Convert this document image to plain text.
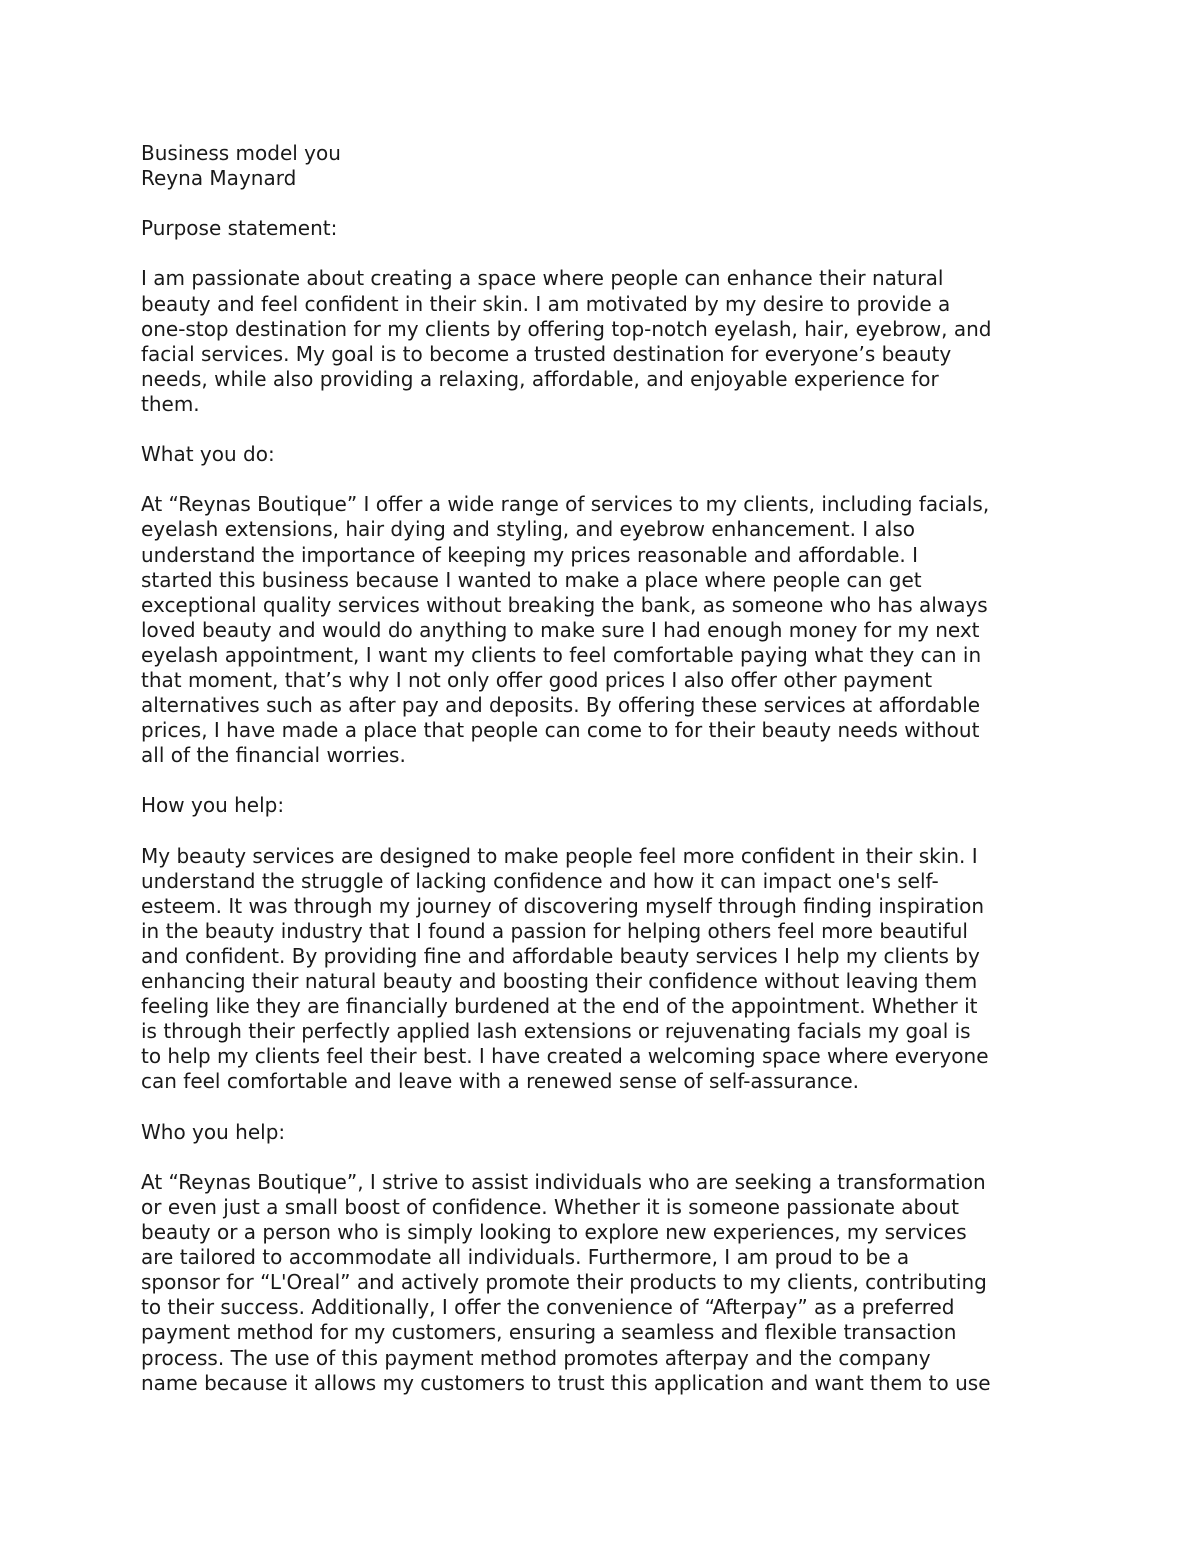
Business model you
Reyna Maynard
Purpose statement:
I am passionate about creating a space where people can enhance their natural
beauty and feel confident in their skin. I am motivated by my desire to provide a
one-stop destination for my clients by offering top-notch eyelash, hair, eyebrow, and
facial services. My goal is to become a trusted destination for everyone’s beauty
needs, while also providing a relaxing, affordable, and enjoyable experience for
them.
What you do:
At “Reynas Boutique” I offer a wide range of services to my clients, including facials,
eyelash extensions, hair dying and styling, and eyebrow enhancement. I also
understand the importance of keeping my prices reasonable and affordable. I
started this business because I wanted to make a place where people can get
exceptional quality services without breaking the bank, as someone who has always
loved beauty and would do anything to make sure I had enough money for my next
eyelash appointment, I want my clients to feel comfortable paying what they can in
that moment, that’s why I not only offer good prices I also offer other payment
alternatives such as after pay and deposits. By offering these services at affordable
prices, I have made a place that people can come to for their beauty needs without
all of the financial worries.
How you help:
My beauty services are designed to make people feel more confident in their skin. I
understand the struggle of lacking confidence and how it can impact one's self-
esteem. It was through my journey of discovering myself through finding inspiration
in the beauty industry that I found a passion for helping others feel more beautiful
and confident. By providing fine and affordable beauty services I help my clients by
enhancing their natural beauty and boosting their confidence without leaving them
feeling like they are financially burdened at the end of the appointment. Whether it
is through their perfectly applied lash extensions or rejuvenating facials my goal is
to help my clients feel their best. I have created a welcoming space where everyone
can feel comfortable and leave with a renewed sense of self-assurance.
Who you help:
At “Reynas Boutique”, I strive to assist individuals who are seeking a transformation
or even just a small boost of confidence. Whether it is someone passionate about
beauty or a person who is simply looking to explore new experiences, my services
are tailored to accommodate all individuals. Furthermore, I am proud to be a
sponsor for “L'Oreal” and actively promote their products to my clients, contributing
to their success. Additionally, I offer the convenience of “Afterpay” as a preferred
payment method for my customers, ensuring a seamless and flexible transaction
process. The use of this payment method promotes afterpay and the company
name because it allows my customers to trust this application and want them to use
